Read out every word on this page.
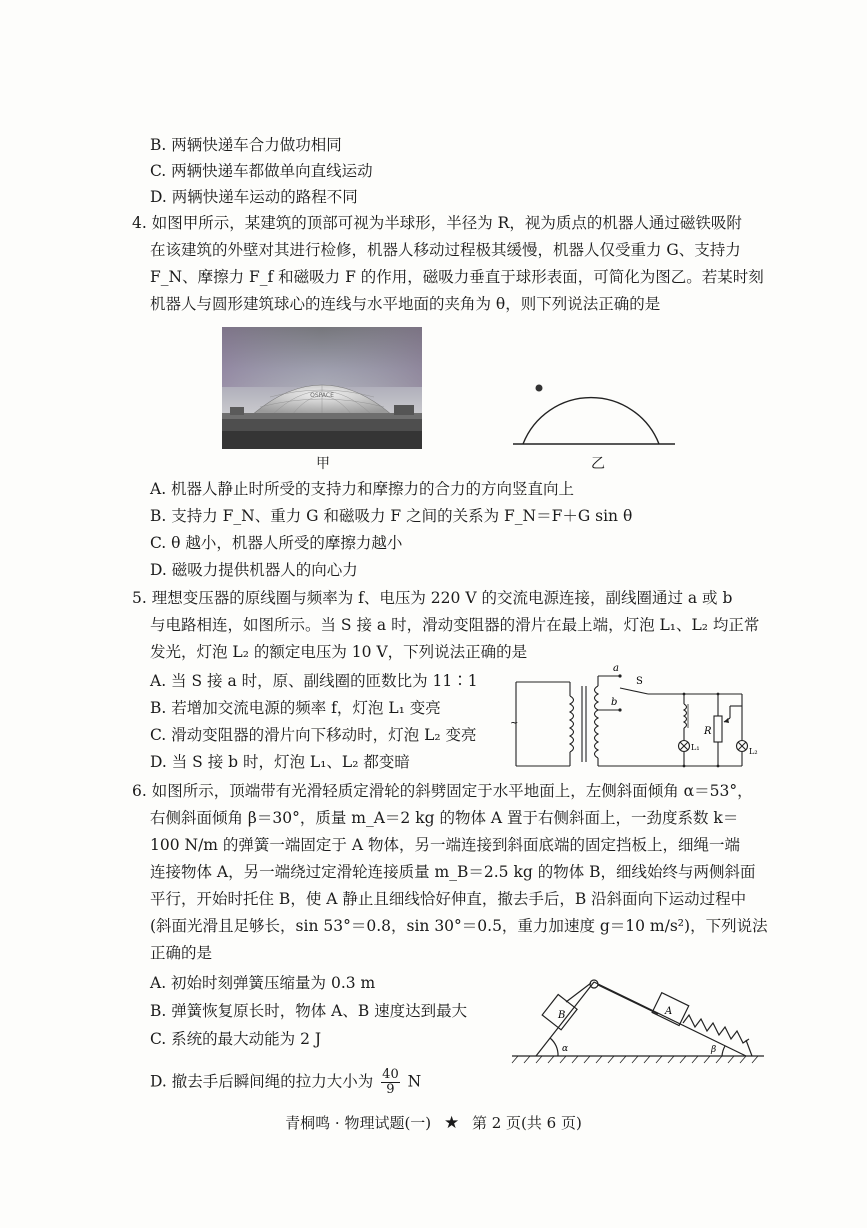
B. 两辆快递车合力做功相同
C. 两辆快递车都做单向直线运动
D. 两辆快递车运动的路程不同
4. 如图甲所示，某建筑的顶部可视为半球形，半径为 R，视为质点的机器人通过磁铁吸附
在该建筑的外壁对其进行检修，机器人移动过程极其缓慢，机器人仅受重力 G、支持力
F_N、摩擦力 F_f 和磁吸力 F 的作用，磁吸力垂直于球形表面，可简化为图乙。若某时刻
机器人与圆形建筑球心的连线与水平地面的夹角为 θ，则下列说法正确的是
OSPACE
甲	乙
A. 机器人静止时所受的支持力和摩擦力的合力的方向竖直向上
B. 支持力 F_N、重力 G 和磁吸力 F 之间的关系为 F_N＝F＋G sin θ
C. θ 越小，机器人所受的摩擦力越小
D. 磁吸力提供机器人的向心力
5. 理想变压器的原线圈与频率为 f、电压为 220 V 的交流电源连接，副线圈通过 a 或 b
与电路相连，如图所示。当 S 接 a 时，滑动变阻器的滑片在最上端，灯泡 L₁、L₂ 均正常
发光，灯泡 L₂ 的额定电压为 10 V，下列说法正确的是
A. 当 S 接 a 时，原、副线圈的匝数比为 11∶1
B. 若增加交流电源的频率 f，灯泡 L₁ 变亮
C. 滑动变阻器的滑片向下移动时，灯泡 L₂ 变亮
D. 当 S 接 b 时，灯泡 L₁、L₂ 都变暗
~
a
b
S
R
L₁	L₂
6. 如图所示，顶端带有光滑轻质定滑轮的斜劈固定于水平地面上，左侧斜面倾角 α＝53°，
右侧斜面倾角 β＝30°，质量 m_A＝2 kg 的物体 A 置于右侧斜面上，一劲度系数 k＝
100 N/m 的弹簧一端固定于 A 物体，另一端连接到斜面底端的固定挡板上，细绳一端
连接物体 A，另一端绕过定滑轮连接质量 m_B＝2.5 kg 的物体 B，细线始终与两侧斜面
平行，开始时托住 B，使 A 静止且细线恰好伸直，撤去手后，B 沿斜面向下运动过程中
(斜面光滑且足够长，sin 53°＝0.8，sin 30°＝0.5，重力加速度 g＝10 m/s²)，下列说法
正确的是
A. 初始时刻弹簧压缩量为 0.3 m
B. 弹簧恢复原长时，物体 A、B 速度达到最大
C. 系统的最大动能为 2 J
D. 撤去手后瞬间绳的拉力大小为 $\frac{40}{9}$ N
B	A
α	β
青桐鸣 · 物理试题(一) ★ 第 2 页(共 6 页)
